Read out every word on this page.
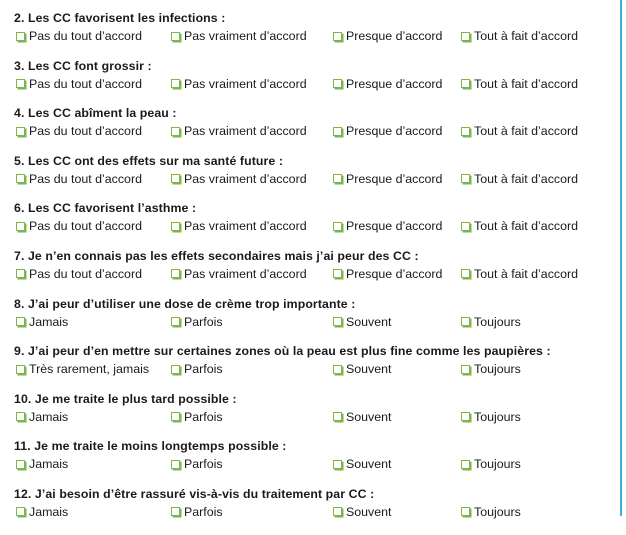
2. Les CC favorisent les infections :
Pas du tout d’accord	Pas vraiment d’accord	Presque d’accord	Tout à fait d’accord
3. Les CC font grossir :
Pas du tout d’accord	Pas vraiment d’accord	Presque d’accord	Tout à fait d’accord
4. Les CC abîment la peau :
Pas du tout d’accord	Pas vraiment d’accord	Presque d’accord	Tout à fait d’accord
5. Les CC ont des effets sur ma santé future :
Pas du tout d’accord	Pas vraiment d’accord	Presque d’accord	Tout à fait d’accord
6. Les CC favorisent l’asthme :
Pas du tout d’accord	Pas vraiment d’accord	Presque d’accord	Tout à fait d’accord
7. Je n’en connais pas les effets secondaires mais j’ai peur des CC :
Pas du tout d’accord	Pas vraiment d’accord	Presque d’accord	Tout à fait d’accord
8. J’ai peur d’utiliser une dose de crème trop importante :
Jamais	Parfois	Souvent	Toujours
9. J’ai peur d’en mettre sur certaines zones où la peau est plus fine comme les paupières :
Très rarement, jamais	Parfois	Souvent	Toujours
10. Je me traite le plus tard possible :
Jamais	Parfois	Souvent	Toujours
11. Je me traite le moins longtemps possible :
Jamais	Parfois	Souvent	Toujours
12. J’ai besoin d’être rassuré vis-à-vis du traitement par CC :
Jamais	Parfois	Souvent	Toujours
